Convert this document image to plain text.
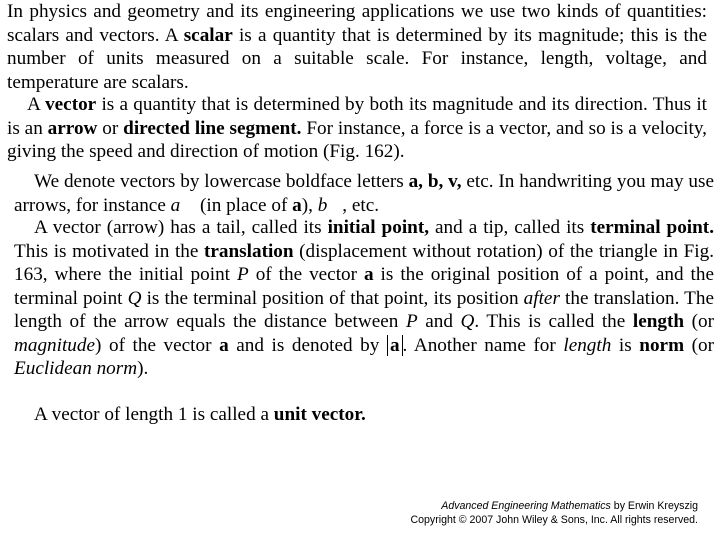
In physics and geometry and its engineering applications we use two kinds of quantities: scalars and vectors. A scalar is a quantity that is determined by its magnitude; this is the number of units measured on a suitable scale. For instance, length, voltage, and temperature are scalars.

A vector is a quantity that is determined by both its magnitude and its direction. Thus it is an arrow or directed line segment. For instance, a force is a vector, and so is a velocity, giving the speed and direction of motion (Fig. 162).

We denote vectors by lowercase boldface letters a, b, v, etc. In handwriting you may use arrows, for instance a⃗ (in place of a), b⃗, etc.

A vector (arrow) has a tail, called its initial point, and a tip, called its terminal point. This is motivated in the translation (displacement without rotation) of the triangle in Fig. 163, where the initial point P of the vector a is the original position of a point, and the terminal point Q is the terminal position of that point, its position after the translation. The length of the arrow equals the distance between P and Q. This is called the length (or magnitude) of the vector a and is denoted by a . Another name for length is norm (or Euclidean norm).

A vector of length 1 is called a unit vector.

Advanced Engineering Mathematics by Erwin Kreyszig
Copyright © 2007 John Wiley & Sons, Inc. All rights reserved.
